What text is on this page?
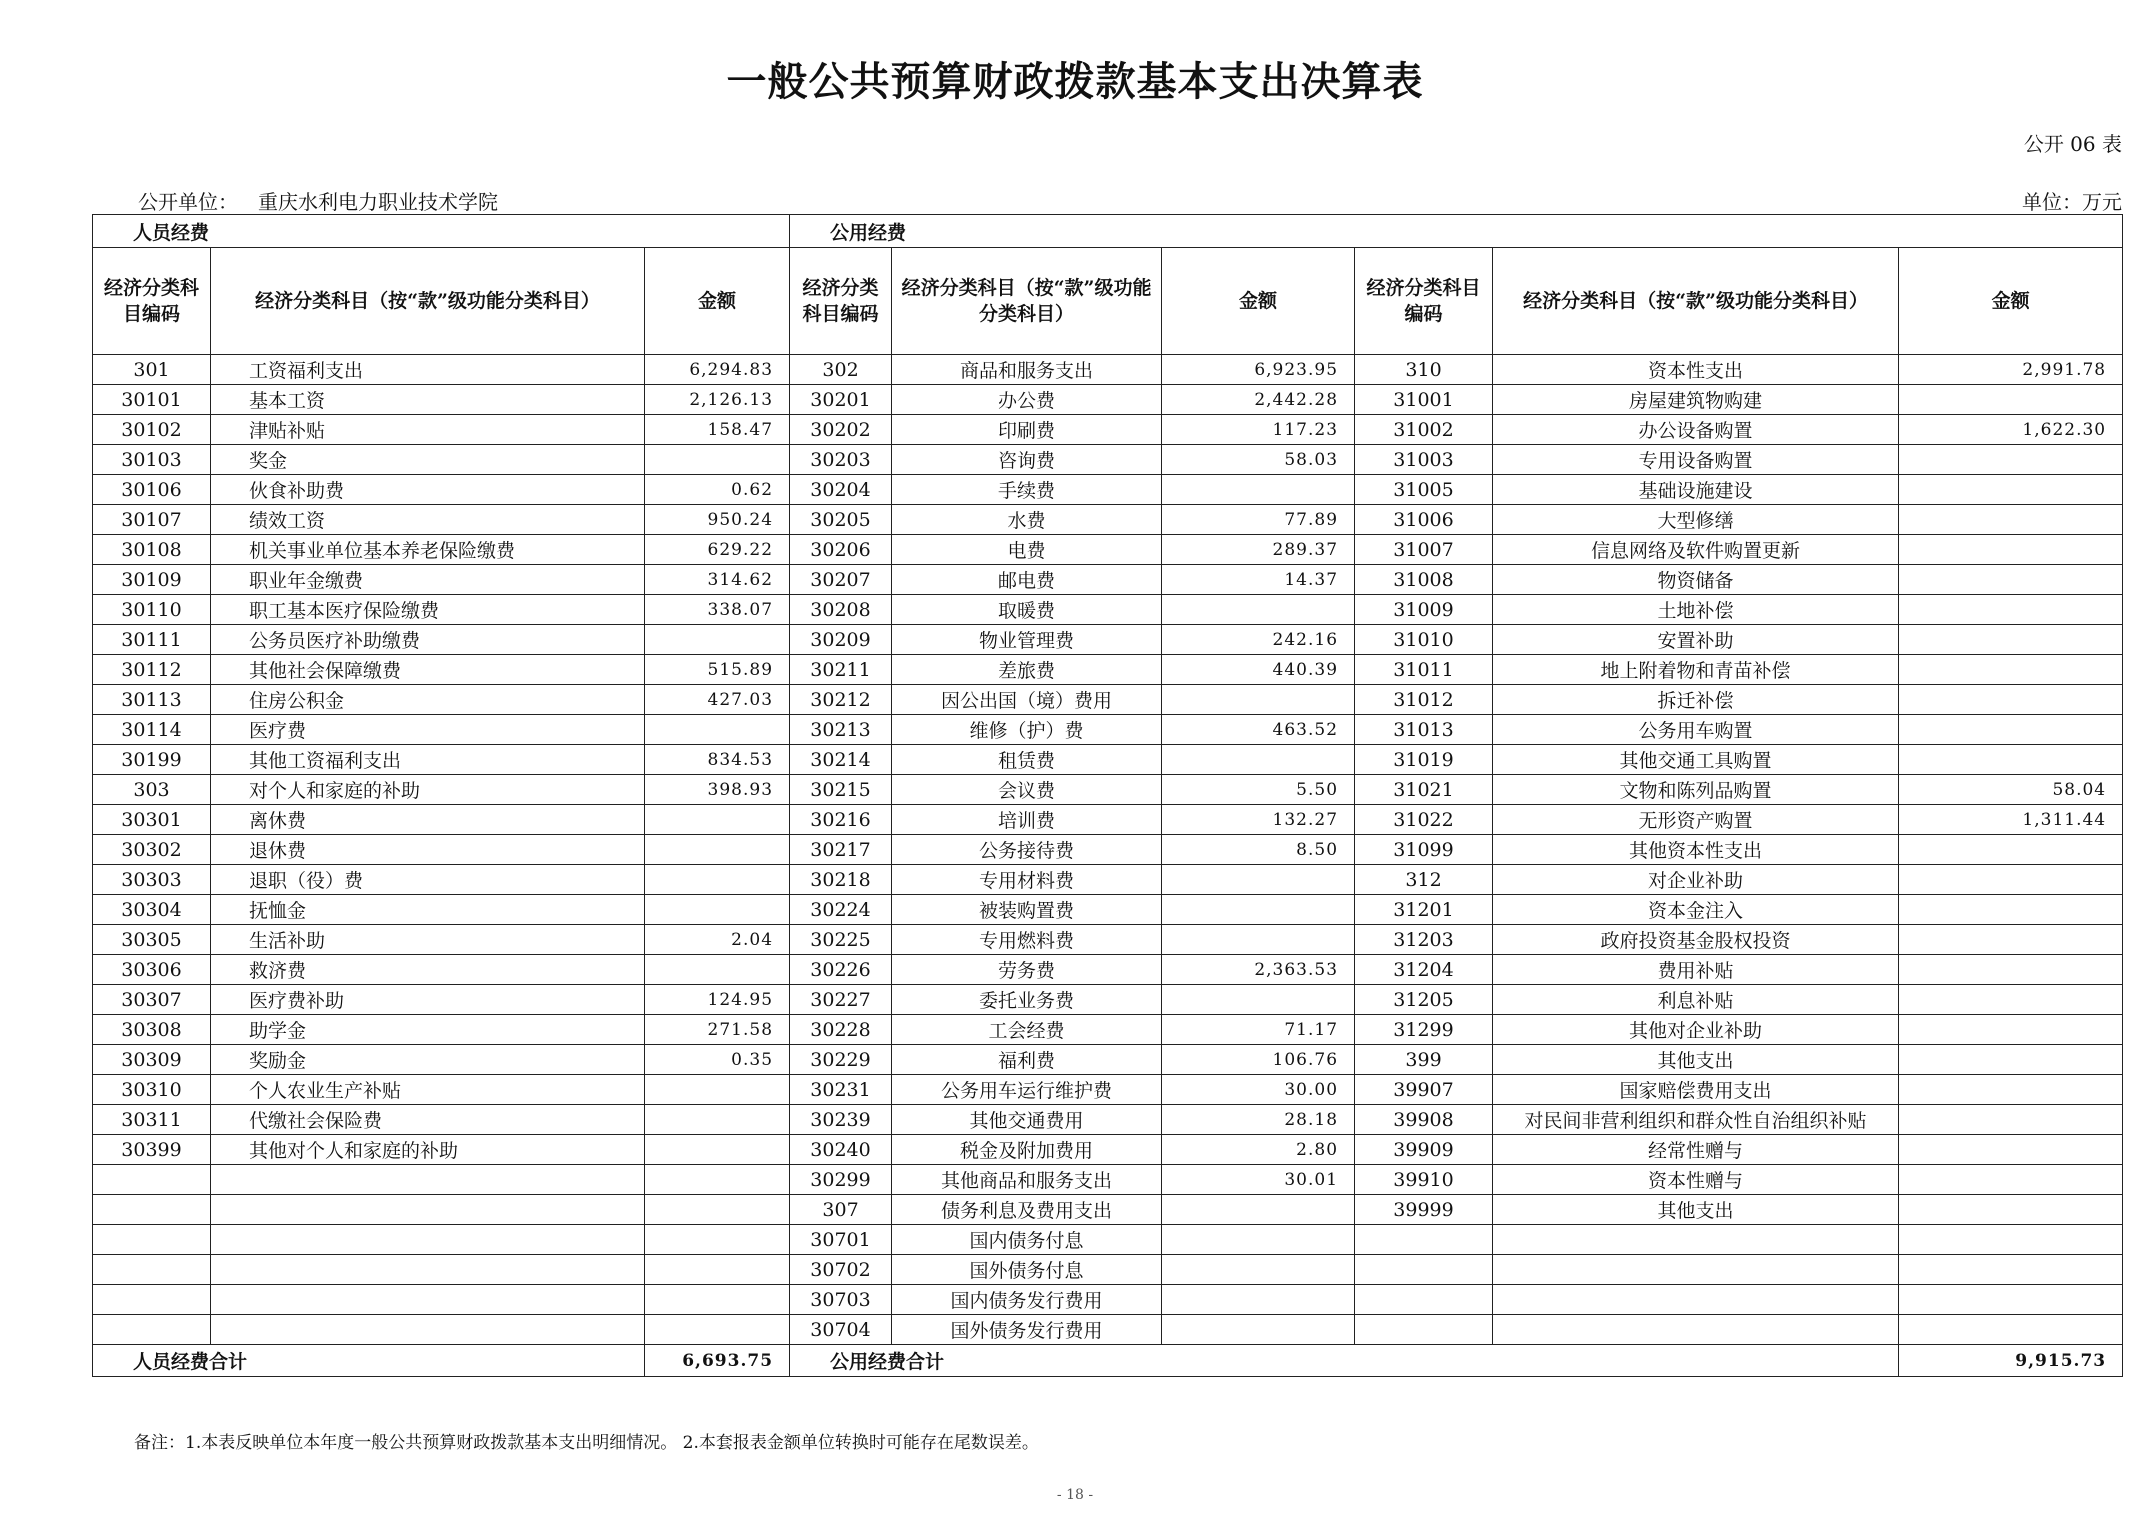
一般公共预算财政拨款基本支出决算表
公开 06 表
公开单位： 重庆水利电力职业技术学院	单位：万元
人员经费			公用经费					
经济分类科目编码	经济分类科目（按“款”级功能分类科目）	金额	经济分类科目编码	经济分类科目（按“款”级功能分类科目）	金额	经济分类科目编码	经济分类科目（按“款”级功能分类科目）	金额
301	工资福利支出	6,294.83	302	商品和服务支出	6,923.95	310	资本性支出	2,991.78
30101	基本工资	2,126.13	30201	办公费	2,442.28	31001	房屋建筑物购建	
30102	津贴补贴	158.47	30202	印刷费	117.23	31002	办公设备购置	1,622.30
30103	奖金		30203	咨询费	58.03	31003	专用设备购置	
30106	伙食补助费	0.62	30204	手续费		31005	基础设施建设	
30107	绩效工资	950.24	30205	水费	77.89	31006	大型修缮	
30108	机关事业单位基本养老保险缴费	629.22	30206	电费	289.37	31007	信息网络及软件购置更新	
30109	职业年金缴费	314.62	30207	邮电费	14.37	31008	物资储备	
30110	职工基本医疗保险缴费	338.07	30208	取暖费		31009	土地补偿	
30111	公务员医疗补助缴费		30209	物业管理费	242.16	31010	安置补助	
30112	其他社会保障缴费	515.89	30211	差旅费	440.39	31011	地上附着物和青苗补偿	
30113	住房公积金	427.03	30212	因公出国（境）费用		31012	拆迁补偿	
30114	医疗费		30213	维修（护）费	463.52	31013	公务用车购置	
30199	其他工资福利支出	834.53	30214	租赁费		31019	其他交通工具购置	
303	对个人和家庭的补助	398.93	30215	会议费	5.50	31021	文物和陈列品购置	58.04
30301	离休费		30216	培训费	132.27	31022	无形资产购置	1,311.44
30302	退休费		30217	公务接待费	8.50	31099	其他资本性支出	
30303	退职（役）费		30218	专用材料费		312	对企业补助	
30304	抚恤金		30224	被装购置费		31201	资本金注入	
30305	生活补助	2.04	30225	专用燃料费		31203	政府投资基金股权投资	
30306	救济费		30226	劳务费	2,363.53	31204	费用补贴	
30307	医疗费补助	124.95	30227	委托业务费		31205	利息补贴	
30308	助学金	271.58	30228	工会经费	71.17	31299	其他对企业补助	
30309	奖励金	0.35	30229	福利费	106.76	399	其他支出	
30310	个人农业生产补贴		30231	公务用车运行维护费	30.00	39907	国家赔偿费用支出	
30311	代缴社会保险费		30239	其他交通费用	28.18	39908	对民间非营利组织和群众性自治组织补贴	
30399	其他对个人和家庭的补助		30240	税金及附加费用	2.80	39909	经常性赠与	
			30299	其他商品和服务支出	30.01	39910	资本性赠与	
			307	债务利息及费用支出		39999	其他支出	
			30701	国内债务付息				
			30702	国外债务付息				
			30703	国内债务发行费用				
			30704	国外债务发行费用				
人员经费合计		6,693.75	公用经费合计					9,915.73
备注：1.本表反映单位本年度一般公共预算财政拨款基本支出明细情况。 2.本套报表金额单位转换时可能存在尾数误差。
- 18 -
